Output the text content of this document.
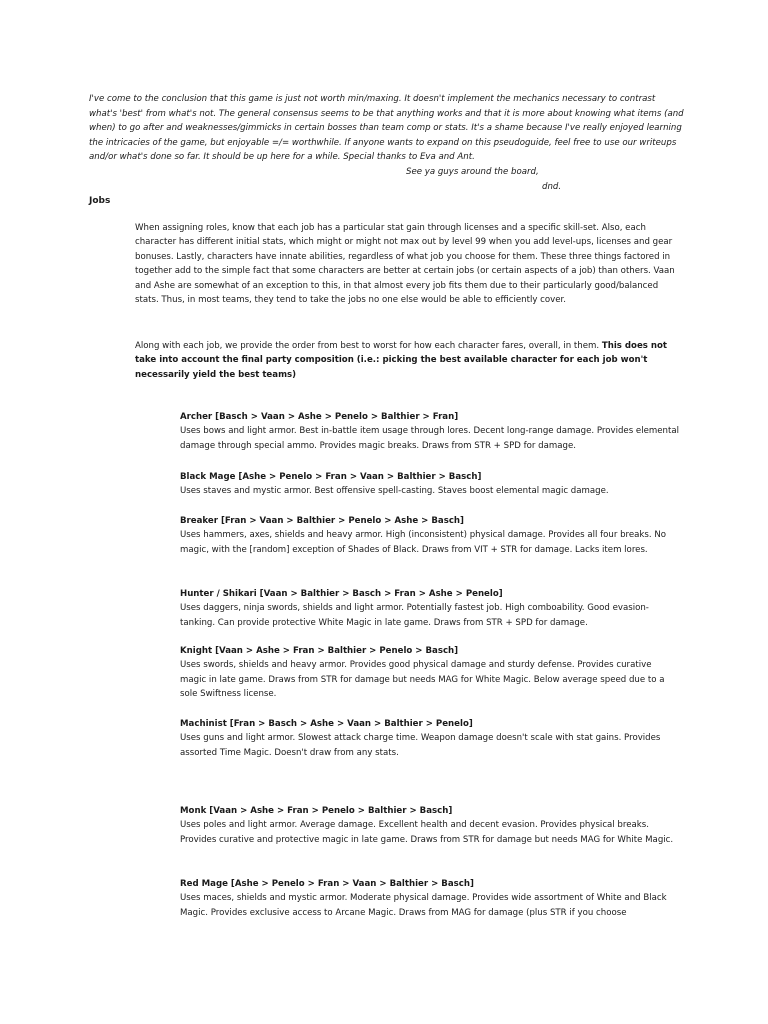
I've come to the conclusion that this game is just not worth min/maxing. It doesn't implement the mechanics necessary to contrast what's 'best' from what's not. The general consensus seems to be that anything works and that it is more about knowing what items (and when) to go after and weaknesses/gimmicks in certain bosses than team comp or stats. It's a shame because I've really enjoyed learning the intricacies of the game, but enjoyable =/= worthwhile. If anyone wants to expand on this pseudoguide, feel free to use our writeups and/or what's done so far. It should be up here for a while. Special thanks to Eva and Ant.

See ya guys around the board,
dnd.
Jobs

When assigning roles, know that each job has a particular stat gain through licenses and a specific skill-set. Also, each character has different initial stats, which might or might not max out by level 99 when you add level-ups, licenses and gear bonuses. Lastly, characters have innate abilities, regardless of what job you choose for them. These three things factored in together add to the simple fact that some characters are better at certain jobs (or certain aspects of a job) than others. Vaan and Ashe are somewhat of an exception to this, in that almost every job fits them due to their particularly good/balanced stats. Thus, in most teams, they tend to take the jobs no one else would be able to efficiently cover.

Along with each job, we provide the order from best to worst for how each character fares, overall, in them. This does not take into account the final party composition (i.e.: picking the best available character for each job won't necessarily yield the best teams)

Archer [Basch > Vaan > Ashe > Penelo > Balthier > Fran]
Uses bows and light armor. Best in-battle item usage through lores. Decent long-range damage. Provides elemental damage through special ammo. Provides magic breaks. Draws from STR + SPD for damage.
Black Mage [Ashe > Penelo > Fran > Vaan > Balthier > Basch]
Uses staves and mystic armor. Best offensive spell-casting. Staves boost elemental magic damage.
Breaker [Fran > Vaan > Balthier > Penelo > Ashe > Basch]
Uses hammers, axes, shields and heavy armor. High (inconsistent) physical damage. Provides all four breaks. No magic, with the [random] exception of Shades of Black. Draws from VIT + STR for damage. Lacks item lores.
Hunter / Shikari [Vaan > Balthier > Basch > Fran > Ashe > Penelo]
Uses daggers, ninja swords, shields and light armor. Potentially fastest job. High comboability. Good evasion-tanking. Can provide protective White Magic in late game. Draws from STR + SPD for damage.
Knight [Vaan > Ashe > Fran > Balthier > Penelo > Basch]
Uses swords, shields and heavy armor. Provides good physical damage and sturdy defense. Provides curative magic in late game. Draws from STR for damage but needs MAG for White Magic. Below average speed due to a sole Swiftness license.
Machinist [Fran > Basch > Ashe > Vaan > Balthier > Penelo]
Uses guns and light armor. Slowest attack charge time. Weapon damage doesn't scale with stat gains. Provides assorted Time Magic. Doesn't draw from any stats.
Monk [Vaan > Ashe > Fran > Penelo > Balthier > Basch]
Uses poles and light armor. Average damage. Excellent health and decent evasion. Provides physical breaks. Provides curative and protective magic in late game. Draws from STR for damage but needs MAG for White Magic.
Red Mage [Ashe > Penelo > Fran > Vaan > Balthier > Basch]
Uses maces, shields and mystic armor. Moderate physical damage. Provides wide assortment of White and Black Magic. Provides exclusive access to Arcane Magic. Draws from MAG for damage (plus STR if you choose
